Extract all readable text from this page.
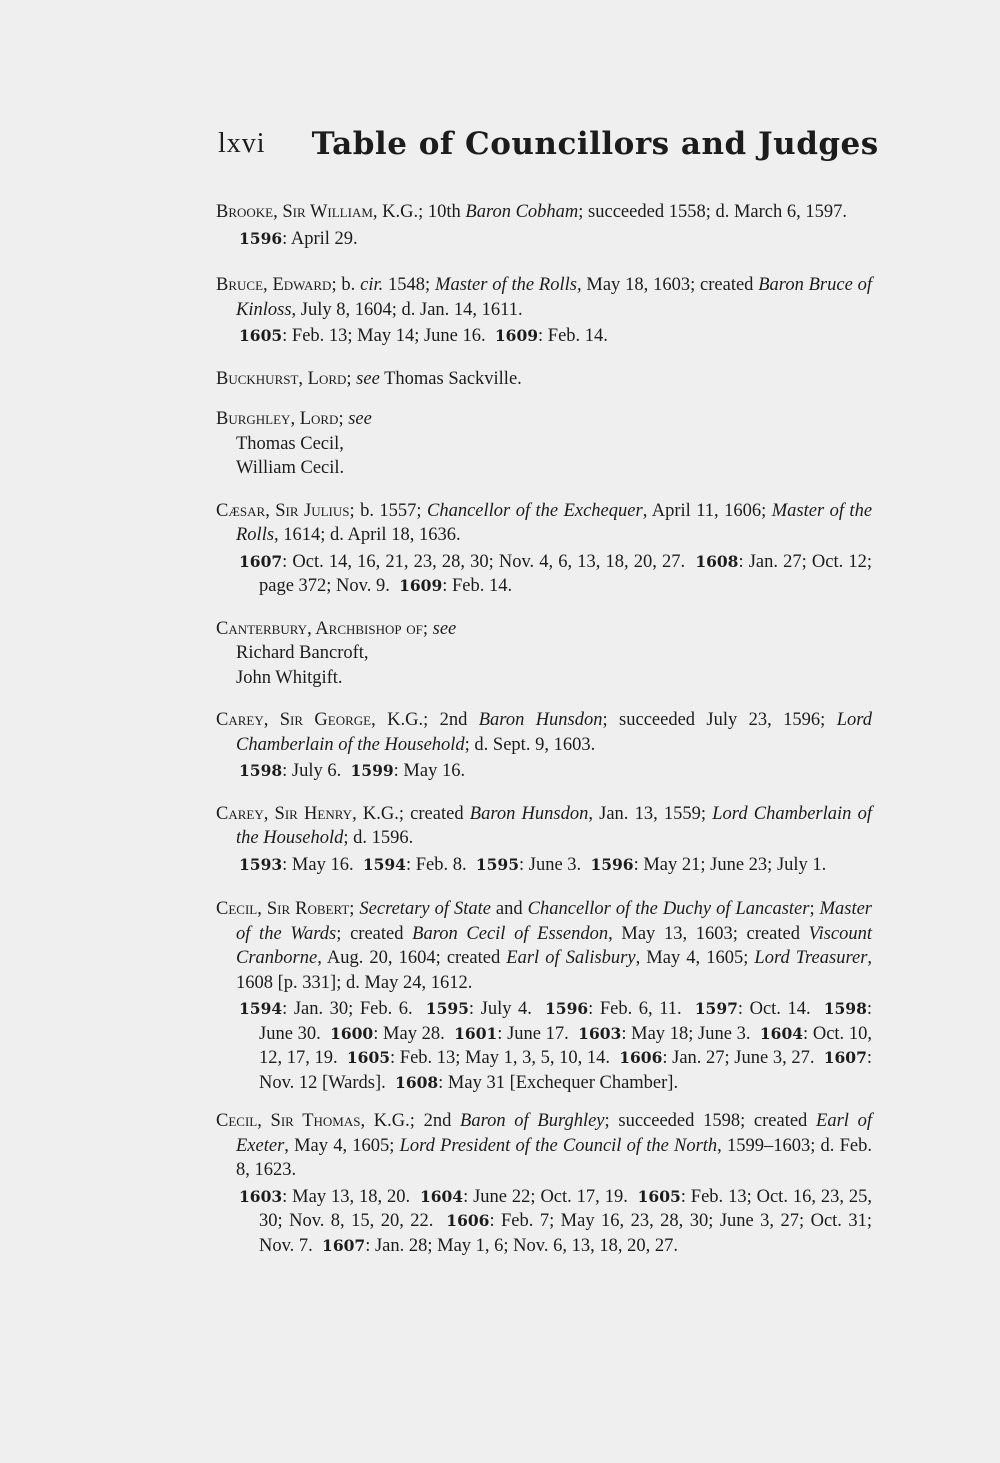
lxvi Table of Councillors and Judges
Brooke, Sir William, K.G.; 10th Baron Cobham; succeeded 1558; d. March 6, 1597.
1596: April 29.
Bruce, Edward; b. cir. 1548; Master of the Rolls, May 18, 1603; created Baron Bruce of Kinloss, July 8, 1604; d. Jan. 14, 1611.
1605: Feb. 13; May 14; June 16.  1609: Feb. 14.
Buckhurst, Lord; see Thomas Sackville.
Burghley, Lord; see
Thomas Cecil,
William Cecil.
Cæsar, Sir Julius; b. 1557; Chancellor of the Exchequer, April 11, 1606; Master of the Rolls, 1614; d. April 18, 1636.
1607: Oct. 14, 16, 21, 23, 28, 30; Nov. 4, 6, 13, 18, 20, 27.  1608: Jan. 27; Oct. 12; page 372; Nov. 9.  1609: Feb. 14.
Canterbury, Archbishop of; see
Richard Bancroft,
John Whitgift.
Carey, Sir George, K.G.; 2nd Baron Hunsdon; succeeded July 23, 1596; Lord Chamberlain of the Household; d. Sept. 9, 1603.
1598: July 6.  1599: May 16.
Carey, Sir Henry, K.G.; created Baron Hunsdon, Jan. 13, 1559; Lord Chamberlain of the Household; d. 1596.
1593: May 16.  1594: Feb. 8.  1595: June 3.  1596: May 21; June 23; July 1.
Cecil, Sir Robert; Secretary of State and Chancellor of the Duchy of Lancaster; Master of the Wards; created Baron Cecil of Essendon, May 13, 1603; created Viscount Cranborne, Aug. 20, 1604; created Earl of Salisbury, May 4, 1605; Lord Treasurer, 1608 [p. 331]; d. May 24, 1612.
1594: Jan. 30; Feb. 6.  1595: July 4.  1596: Feb. 6, 11.  1597: Oct. 14.  1598: June 30.  1600: May 28.  1601: June 17.  1603: May 18; June 3.  1604: Oct. 10, 12, 17, 19.  1605: Feb. 13; May 1, 3, 5, 10, 14.  1606: Jan. 27; June 3, 27.  1607: Nov. 12 [Wards].  1608: May 31 [Exchequer Chamber].
Cecil, Sir Thomas, K.G.; 2nd Baron of Burghley; succeeded 1598; created Earl of Exeter, May 4, 1605; Lord President of the Council of the North, 1599–1603; d. Feb. 8, 1623.
1603: May 13, 18, 20.  1604: June 22; Oct. 17, 19.  1605: Feb. 13; Oct. 16, 23, 25, 30; Nov. 8, 15, 20, 22.  1606: Feb. 7; May 16, 23, 28, 30; June 3, 27; Oct. 31; Nov. 7.  1607: Jan. 28; May 1, 6; Nov. 6, 13, 18, 20, 27.
